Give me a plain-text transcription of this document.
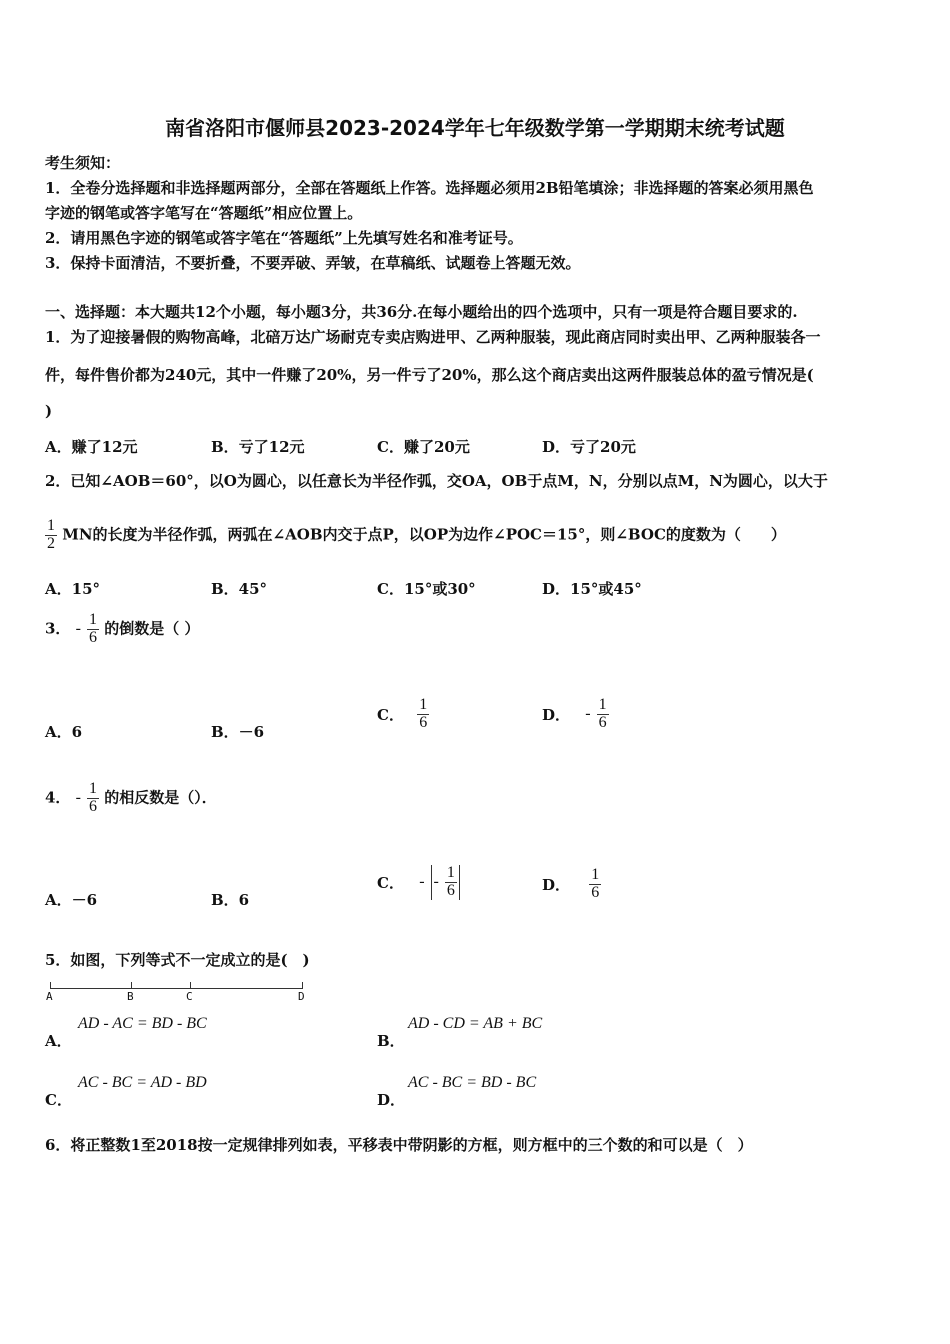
南省洛阳市偃师县2023-2024学年七年级数学第一学期期末统考试题
考生须知：
1．全卷分选择题和非选择题两部分，全部在答题纸上作答。选择题必须用2B铅笔填涂；非选择题的答案必须用黑色
字迹的钢笔或答字笔写在“答题纸”相应位置上。
2．请用黑色字迹的钢笔或答字笔在“答题纸”上先填写姓名和准考证号。
3．保持卡面清洁，不要折叠，不要弄破、弄皱，在草稿纸、试题卷上答题无效。
一、选择题：本大题共12个小题，每小题3分，共36分.在每小题给出的四个选项中，只有一项是符合题目要求的.
1．为了迎接暑假的购物高峰，北碚万达广场耐克专卖店购进甲、乙两种服装，现此商店同时卖出甲、乙两种服装各一
件，每件售价都为240元，其中一件赚了20%，另一件亏了20%，那么这个商店卖出这两件服装总体的盈亏情况是(
)
A．赚了12元	B．亏了12元	C．赚了20元	D．亏了20元
2．已知∠AOB＝60°，以O为圆心，以任意长为半径作弧，交OA，OB于点M，N，分别以点M，N为圆心，以大于
$\frac{1}{2}$ MN的长度为半径作弧，两弧在∠AOB内交于点P，以OP为边作∠POC＝15°，则∠BOC的度数为（　　）
A．15°	B．45°	C．15°或30°	D．15°或45°
3． - $\frac{1}{6}$ 的倒数是（ ）
A．6	B．－6
C． $\frac{1}{6}$	D． - $\frac{1}{6}$
4． - $\frac{1}{6}$ 的相反数是（）．
A．－6	B．6
C． - - $\frac{1}{6}$	D． $\frac{1}{6}$
5．如图，下列等式不一定成立的是(　)
A	B	C	D
A．
AD - AC = BD - BC
B．
AD - CD = AB + BC
C．
AC - BC = AD - BD
D．
AC - BC = BD - BC
6．将正整数1至2018按一定规律排列如表，平移表中带阴影的方框，则方框中的三个数的和可以是（　）
